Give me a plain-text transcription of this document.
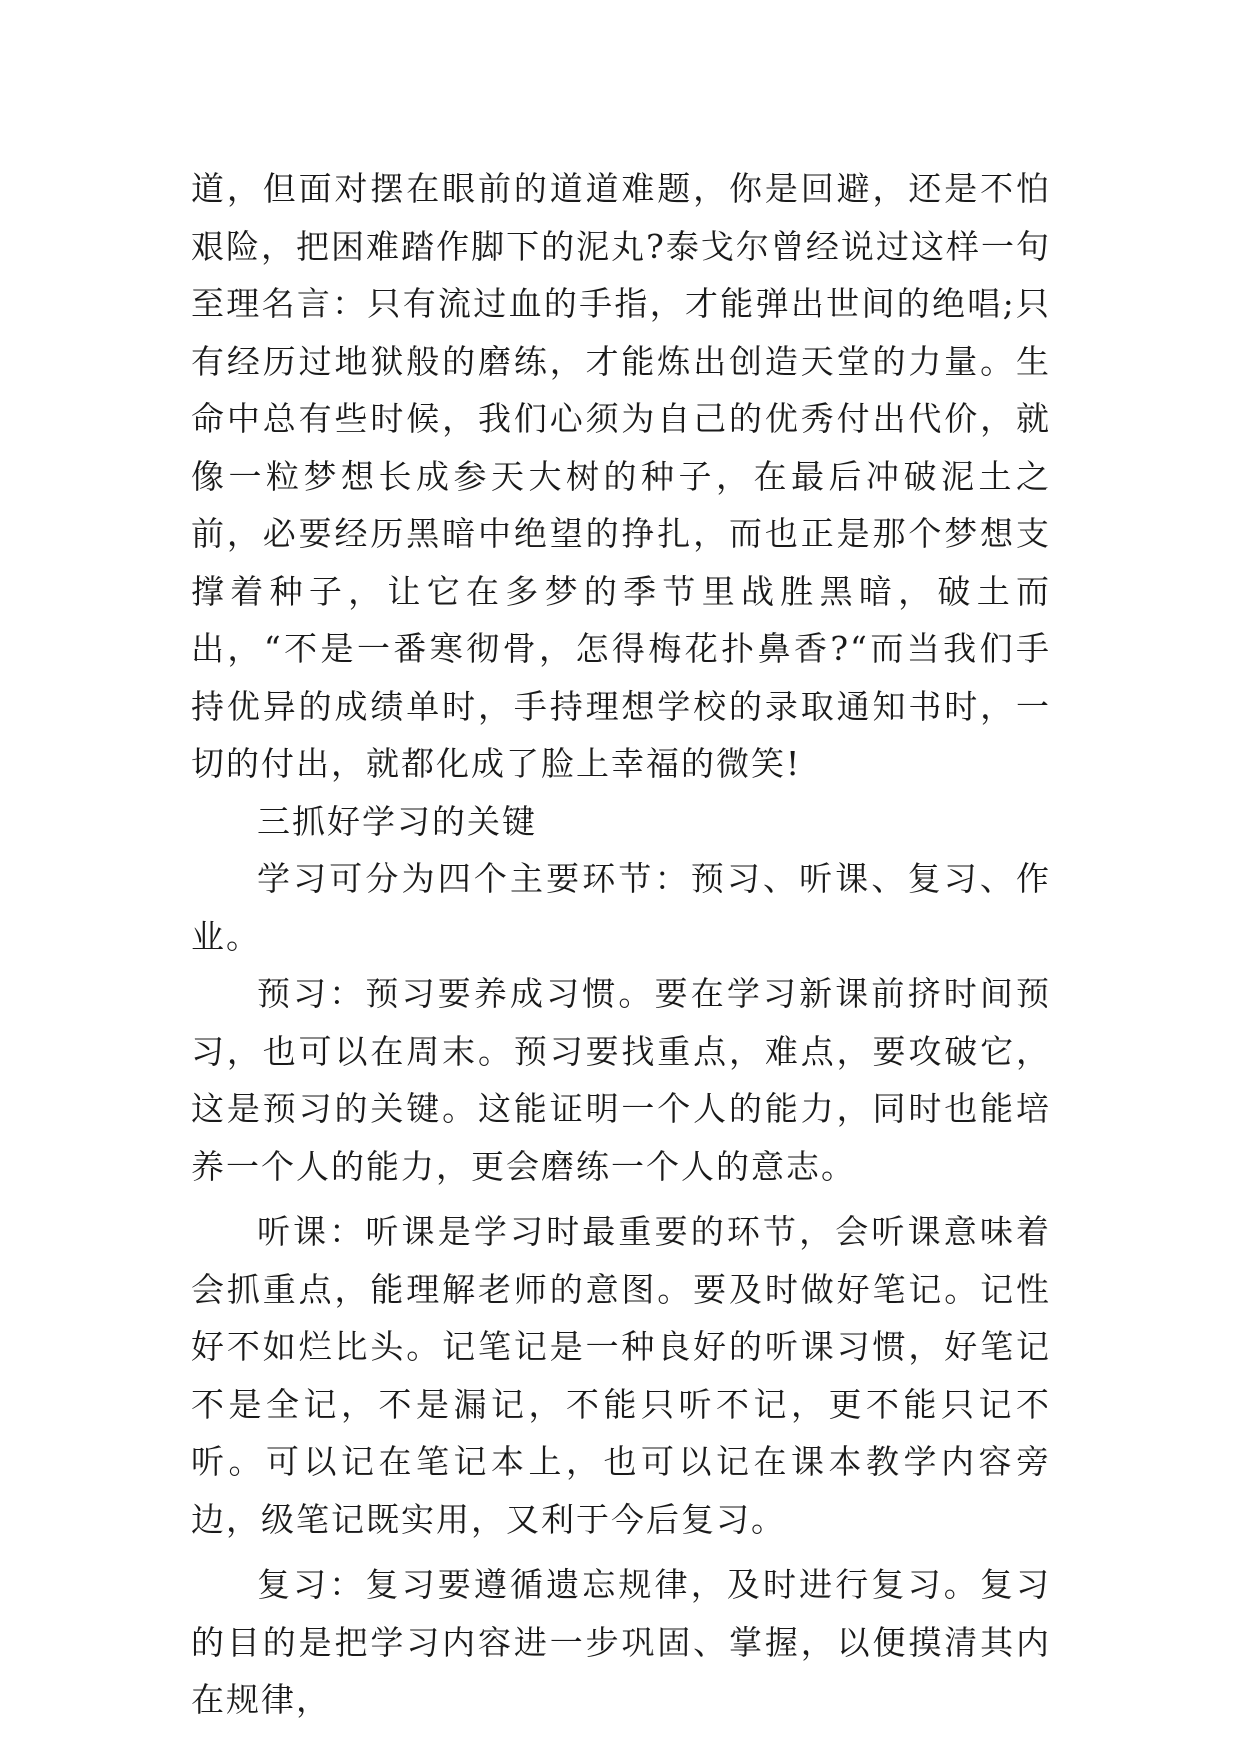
道，但面对摆在眼前的道道难题，你是回避，还是不怕艰险，把困难踏作脚下的泥丸?泰戈尔曾经说过这样一句至理名言：只有流过血的手指，才能弹出世间的绝唱;只有经历过地狱般的磨练，才能炼出创造天堂的力量。生命中总有些时候，我们心须为自己的优秀付出代价，就像一粒梦想长成参天大树的种子，在最后冲破泥土之前，必要经历黑暗中绝望的挣扎，而也正是那个梦想支撑着种子，让它在多梦的季节里战胜黑暗，破土而出，“不是一番寒彻骨，怎得梅花扑鼻香?“而当我们手持优异的成绩单时，手持理想学校的录取通知书时，一切的付出，就都化成了脸上幸福的微笑!

三抓好学习的关键

学习可分为四个主要环节：预习、听课、复习、作业。

预习：预习要养成习惯。要在学习新课前挤时间预习，也可以在周末。预习要找重点，难点，要攻破它，这是预习的关键。这能证明一个人的能力，同时也能培养一个人的能力，更会磨练一个人的意志。

听课：听课是学习时最重要的环节，会听课意味着会抓重点，能理解老师的意图。要及时做好笔记。记性好不如烂比头。记笔记是一种良好的听课习惯，好笔记不是全记，不是漏记，不能只听不记，更不能只记不听。可以记在笔记本上，也可以记在课本教学内容旁边，级笔记既实用，又利于今后复习。

复习：复习要遵循遗忘规律，及时进行复习。复习的目的是把学习内容进一步巩固、掌握，以便摸清其内在规律，
